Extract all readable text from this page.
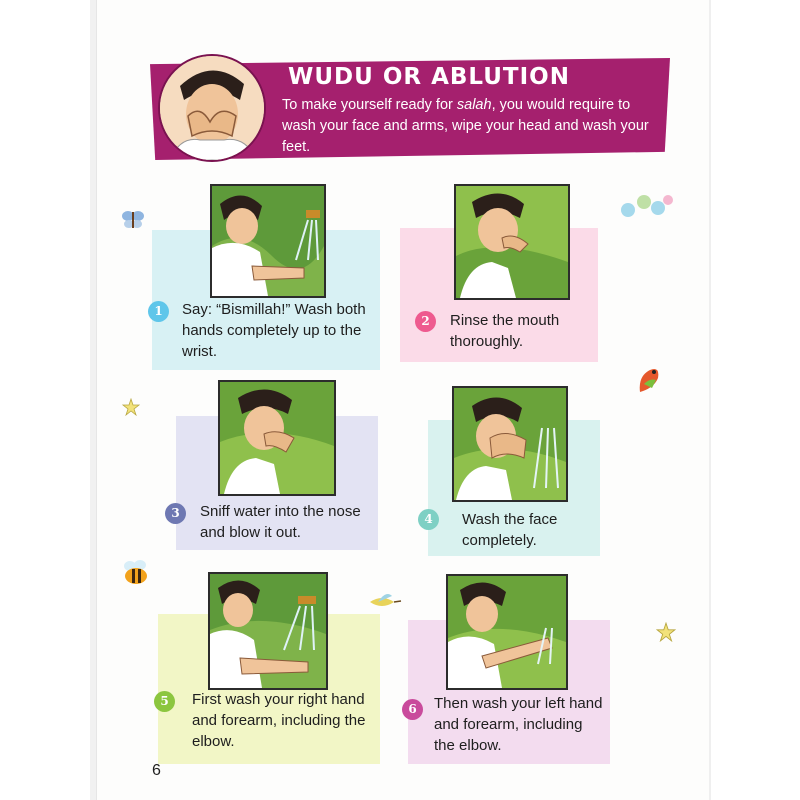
WUDU OR ABLUTION
To make yourself ready for salah, you would require to wash your face and arms, wipe your head and wash your feet.
1	Say: “Bismillah!” Wash both hands completely up to the wrist.
2	Rinse the mouth thoroughly.
3	Sniff water into the nose and blow it out.
4	Wash the face completely.
5	First wash your right hand and forearm, including the elbow.
6	Then wash your left hand and forearm, including the elbow.
6
